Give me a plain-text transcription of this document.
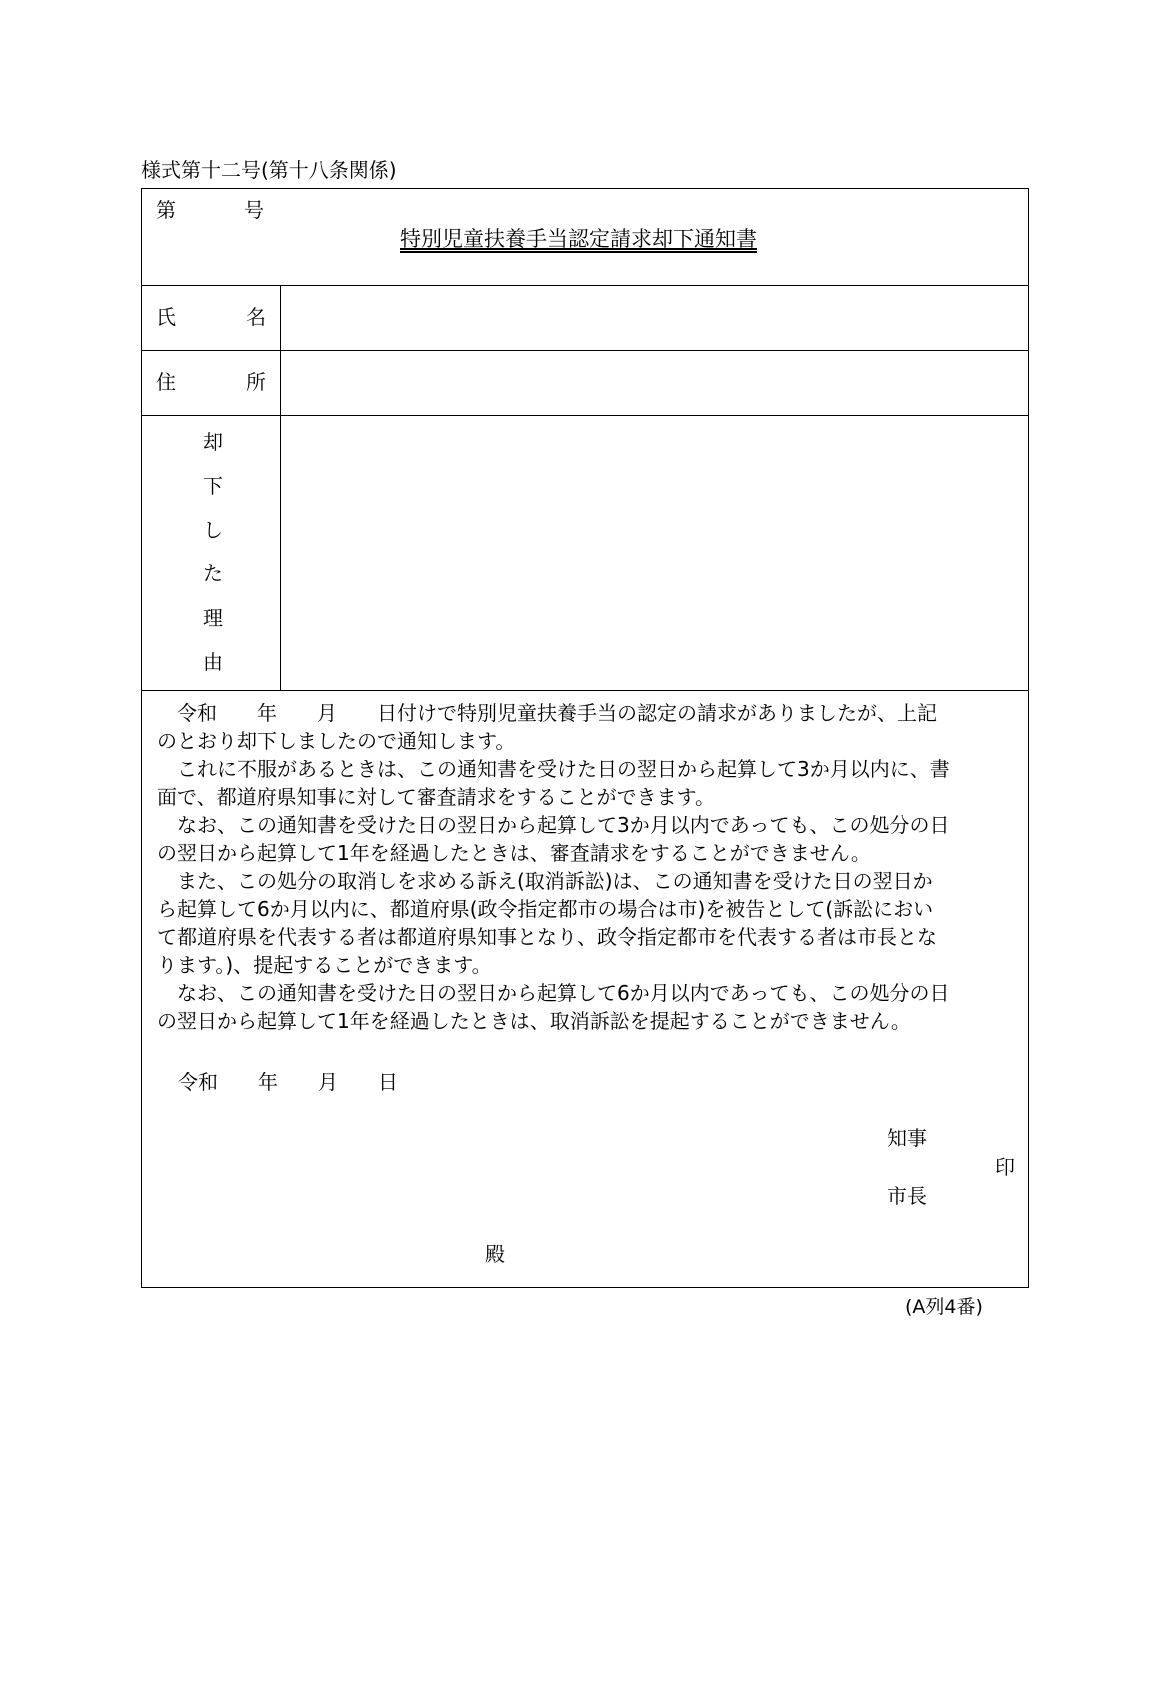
様式第十二号(第十八条関係)
第	号
特別児童扶養手当認定請求却下通知書
氏	名
住	所
却
下
し
た
理
由
　令和　　年　　月　　日付けで特別児童扶養手当の認定の請求がありましたが、上記
のとおり却下しましたので通知します。
　これに不服があるときは、この通知書を受けた日の翌日から起算して3か月以内に、書
面で、都道府県知事に対して審査請求をすることができます。
　なお、この通知書を受けた日の翌日から起算して3か月以内であっても、この処分の日
の翌日から起算して1年を経過したときは、審査請求をすることができません。
　また、この処分の取消しを求める訴え(取消訴訟)は、この通知書を受けた日の翌日か
ら起算して6か月以内に、都道府県(政令指定都市の場合は市)を被告として(訴訟におい
て都道府県を代表する者は都道府県知事となり、政令指定都市を代表する者は市長とな
ります。)、提起することができます。
　なお、この通知書を受けた日の翌日から起算して6か月以内であっても、この処分の日
の翌日から起算して1年を経過したときは、取消訴訟を提起することができません。
令和　　年　　月　　日
知事
印
市長
殿
(A列4番)
